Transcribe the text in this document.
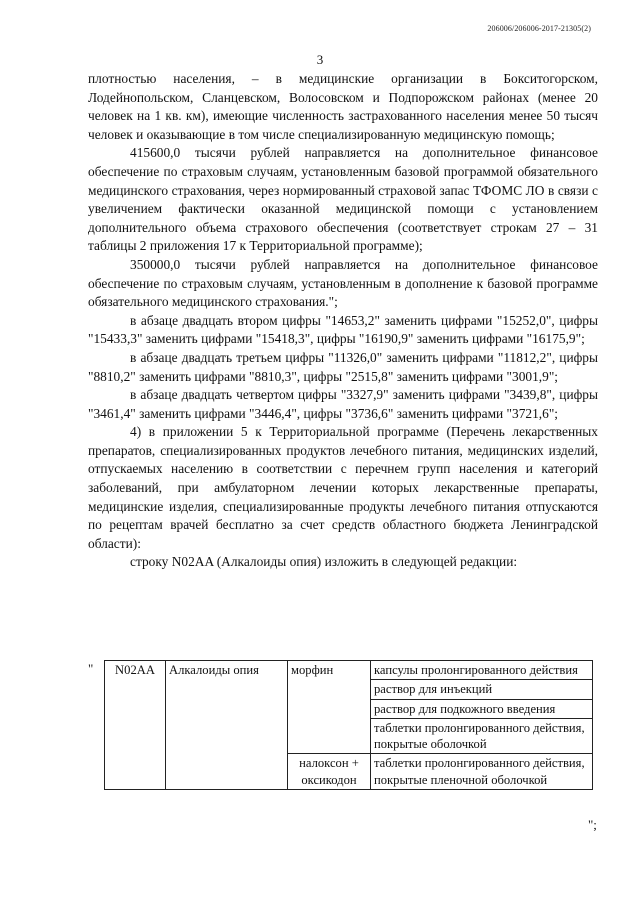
206006/206006-2017-21305(2)
3

плотностью населения, – в медицинские организации в Бокситогорском, Лодейнопольском, Сланцевском, Волосовском и Подпорожском районах (менее 20 человек на 1 кв. км), имеющие численность застрахованного населения менее 50 тысяч человек и оказывающие в том числе специализированную медицинскую помощь;

415600,0 тысячи рублей направляется на дополнительное финансовое обеспечение по страховым случаям, установленным базовой программой обязательного медицинского страхования, через нормированный страховой запас ТФОМС ЛО в связи с увеличением фактически оказанной медицинской помощи с установлением дополнительного объема страхового обеспечения (соответствует строкам 27 – 31 таблицы 2 приложения 17 к Территориальной программе);

350000,0 тысячи рублей направляется на дополнительное финансовое обеспечение по страховым случаям, установленным в дополнение к базовой программе обязательного медицинского страхования.";

в абзаце двадцать втором цифры "14653,2" заменить цифрами "15252,0", цифры "15433,3" заменить цифрами "15418,3", цифры "16190,9" заменить цифрами "16175,9";

в абзаце двадцать третьем цифры "11326,0" заменить цифрами "11812,2", цифры "8810,2" заменить цифрами "8810,3", цифры "2515,8" заменить цифрами "3001,9";

в абзаце двадцать четвертом цифры "3327,9" заменить цифрами "3439,8", цифры "3461,4" заменить цифрами "3446,4", цифры "3736,6" заменить цифрами "3721,6";

4) в приложении 5 к Территориальной программе (Перечень лекарственных препаратов, специализированных продуктов лечебного питания, медицинских изделий, отпускаемых населению в соответствии с перечнем групп населения и категорий заболеваний, при амбулаторном лечении которых лекарственные препараты, медицинские изделия, специализированные продукты лечебного питания отпускаются по рецептам врачей бесплатно за счет средств областного бюджета Ленинградской области):

строку N02AA (Алкалоиды опия) изложить в следующей редакции:

" N02AA	Алкалоиды опия	морфин	капсулы пролонгированного действия
			раствор для инъекций
			раствор для подкожного введения
			таблетки пролонгированного действия, покрытые оболочкой
		налоксон + оксикодон	таблетки пролонгированного действия, покрытые пленочной оболочкой
";
